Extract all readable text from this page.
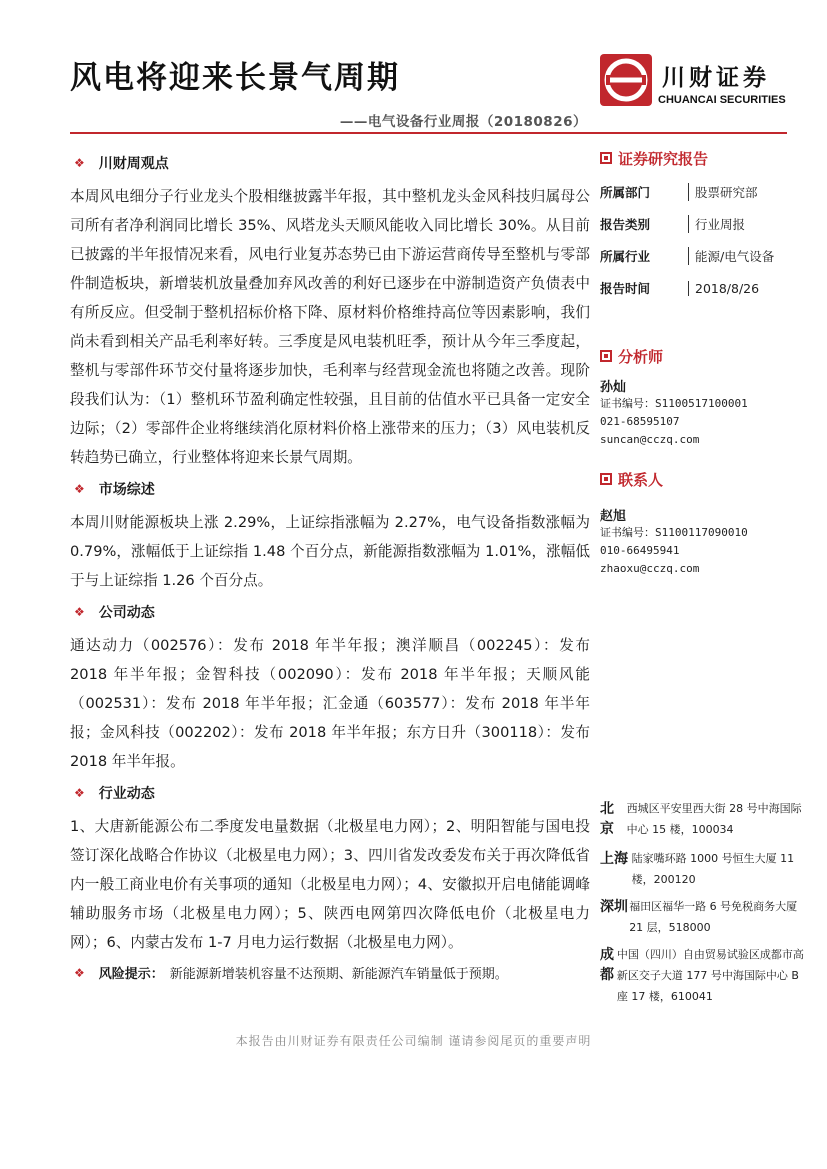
风电将迎来长景气周期
——电气设备行业周报（20180826）
川财证券
CHUANCAI SECURITIES
❖ 川财周观点

本周风电细分子行业龙头个股相继披露半年报，其中整机龙头金风科技归属母公司所有者净利润同比增长 35%、风塔龙头天顺风能收入同比增长 30%。从目前已披露的半年报情况来看，风电行业复苏态势已由下游运营商传导至整机与零部件制造板块，新增装机放量叠加弃风改善的利好已逐步在中游制造资产负债表中有所反应。但受制于整机招标价格下降、原材料价格维持高位等因素影响，我们尚未看到相关产品毛利率好转。三季度是风电装机旺季，预计从今年三季度起，整机与零部件环节交付量将逐步加快，毛利率与经营现金流也将随之改善。现阶段我们认为：（1）整机环节盈利确定性较强，且目前的估值水平已具备一定安全边际；（2）零部件企业将继续消化原材料价格上涨带来的压力；（3）风电装机反转趋势已确立，行业整体将迎来长景气周期。

❖ 市场综述

本周川财能源板块上涨 2.29%，上证综指涨幅为 2.27%，电气设备指数涨幅为 0.79%，涨幅低于上证综指 1.48 个百分点，新能源指数涨幅为 1.01%，涨幅低于与上证综指 1.26 个百分点。

❖ 公司动态

通达动力（002576）：发布 2018 年半年报；澳洋顺昌（002245）：发布 2018 年半年报；金智科技（002090）：发布 2018 年半年报；天顺风能（002531）：发布 2018 年半年报；汇金通（603577）：发布 2018 年半年报；金风科技（002202）：发布 2018 年半年报；东方日升（300118）：发布 2018 年半年报。

❖ 行业动态

1、大唐新能源公布二季度发电量数据（北极星电力网）；2、明阳智能与国电投签订深化战略合作协议（北极星电力网）；3、四川省发改委发布关于再次降低省内一般工商业电价有关事项的通知（北极星电力网）；4、安徽拟开启电储能调峰辅助服务市场（北极星电力网）；5、陕西电网第四次降低电价（北极星电力网）；6、内蒙古发布 1-7 月电力运行数据（北极星电力网）。

❖ 风险提示： 新能源新增装机容量不达预期、新能源汽车销量低于预期。
证券研究报告
所属部门	股票研究部
报告类别	行业周报
所属行业	能源/电气设备
报告时间	2018/8/26
分析师
孙灿
证书编号：S1100517100001
021-68595107
suncan@cczq.com
联系人
赵旭
证书编号：S1100117090010
010-66495941
zhaoxu@cczq.com
北京
西城区平安里西大街 28 号中海国际中心 15 楼，100034
上海 陆家嘴环路 1000 号恒生大厦 11 楼，200120
深圳 福田区福华一路 6 号免税商务大厦 21 层，518000
成都
中国（四川）自由贸易试验区成都市高新区交子大道 177 号中海国际中心 B 座 17 楼，610041
本报告由川财证券有限责任公司编制 谨请参阅尾页的重要声明
